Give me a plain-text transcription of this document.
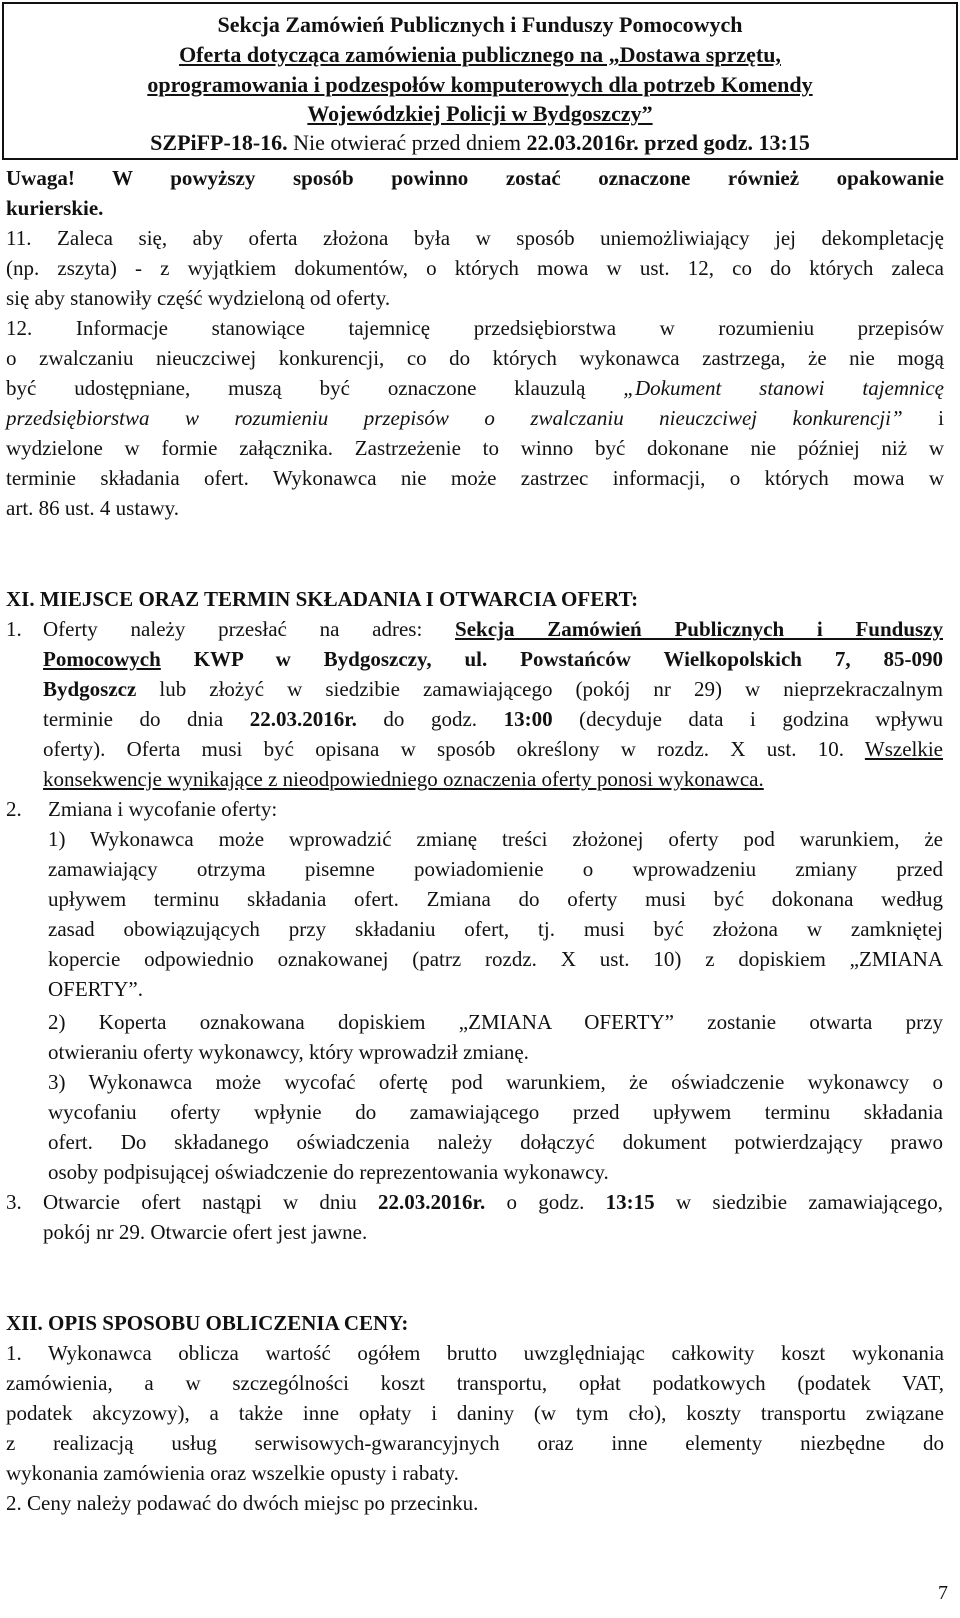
Sekcja Zamówień Publicznych i Funduszy Pomocowych
Oferta dotycząca zamówienia publicznego na „Dostawa sprzętu,
oprogramowania i podzespołów komputerowych dla potrzeb Komendy
Wojewódzkiej Policji w Bydgoszczy”
SZPiFP-18-16. Nie otwierać przed dniem 22.03.2016r. przed godz. 13:15
Uwaga! W powyższy sposób powinno zostać oznaczone również opakowanie
kurierskie.
11. Zaleca się, aby oferta złożona była w sposób uniemożliwiający jej dekompletację
(np. zszyta) - z wyjątkiem dokumentów, o których mowa w ust. 12, co do których zaleca
się aby stanowiły część wydzieloną od oferty.
12. Informacje stanowiące tajemnicę przedsiębiorstwa w rozumieniu przepisów
o zwalczaniu nieuczciwej konkurencji, co do których wykonawca zastrzega, że nie mogą
być udostępniane, muszą być oznaczone klauzulą „Dokument stanowi tajemnicę
przedsiębiorstwa w rozumieniu przepisów o zwalczaniu nieuczciwej konkurencji” i
wydzielone w formie załącznika. Zastrzeżenie to winno być dokonane nie później niż w
terminie składania ofert. Wykonawca nie może zastrzec informacji, o których mowa w
art. 86 ust. 4 ustawy.
XI. MIEJSCE ORAZ TERMIN SKŁADANIA I OTWARCIA OFERT:
1. Oferty należy przesłać na adres: Sekcja Zamówień Publicznych i Funduszy
Pomocowych KWP w Bydgoszczy, ul. Powstańców Wielkopolskich 7, 85-090
Bydgoszcz lub złożyć w siedzibie zamawiającego (pokój nr 29) w nieprzekraczalnym
terminie do dnia 22.03.2016r. do godz. 13:00 (decyduje data i godzina wpływu
oferty). Oferta musi być opisana w sposób określony w rozdz. X ust. 10. Wszelkie
konsekwencje wynikające z nieodpowiedniego oznaczenia oferty ponosi wykonawca.
2. Zmiana i wycofanie oferty:
1) Wykonawca może wprowadzić zmianę treści złożonej oferty pod warunkiem, że
zamawiający otrzyma pisemne powiadomienie o wprowadzeniu zmiany przed
upływem terminu składania ofert. Zmiana do oferty musi być dokonana według
zasad obowiązujących przy składaniu ofert, tj. musi być złożona w zamkniętej
kopercie odpowiednio oznakowanej (patrz rozdz. X ust. 10) z dopiskiem „ZMIANA
OFERTY”.
2) Koperta oznakowana dopiskiem „ZMIANA OFERTY” zostanie otwarta przy
otwieraniu oferty wykonawcy, który wprowadził zmianę.
3) Wykonawca może wycofać ofertę pod warunkiem, że oświadczenie wykonawcy o
wycofaniu oferty wpłynie do zamawiającego przed upływem terminu składania
ofert. Do składanego oświadczenia należy dołączyć dokument potwierdzający prawo
osoby podpisującej oświadczenie do reprezentowania wykonawcy.
3. Otwarcie ofert nastąpi w dniu 22.03.2016r. o godz. 13:15 w siedzibie zamawiającego,
pokój nr 29. Otwarcie ofert jest jawne.
XII. OPIS SPOSOBU OBLICZENIA CENY:
1. Wykonawca oblicza wartość ogółem brutto uwzględniając całkowity koszt wykonania
zamówienia, a w szczególności koszt transportu, opłat podatkowych (podatek VAT,
podatek akcyzowy), a także inne opłaty i daniny (w tym cło), koszty transportu związane
z realizacją usług serwisowych-gwarancyjnych oraz inne elementy niezbędne do
wykonania zamówienia oraz wszelkie opusty i rabaty.
2. Ceny należy podawać do dwóch miejsc po przecinku.
7
